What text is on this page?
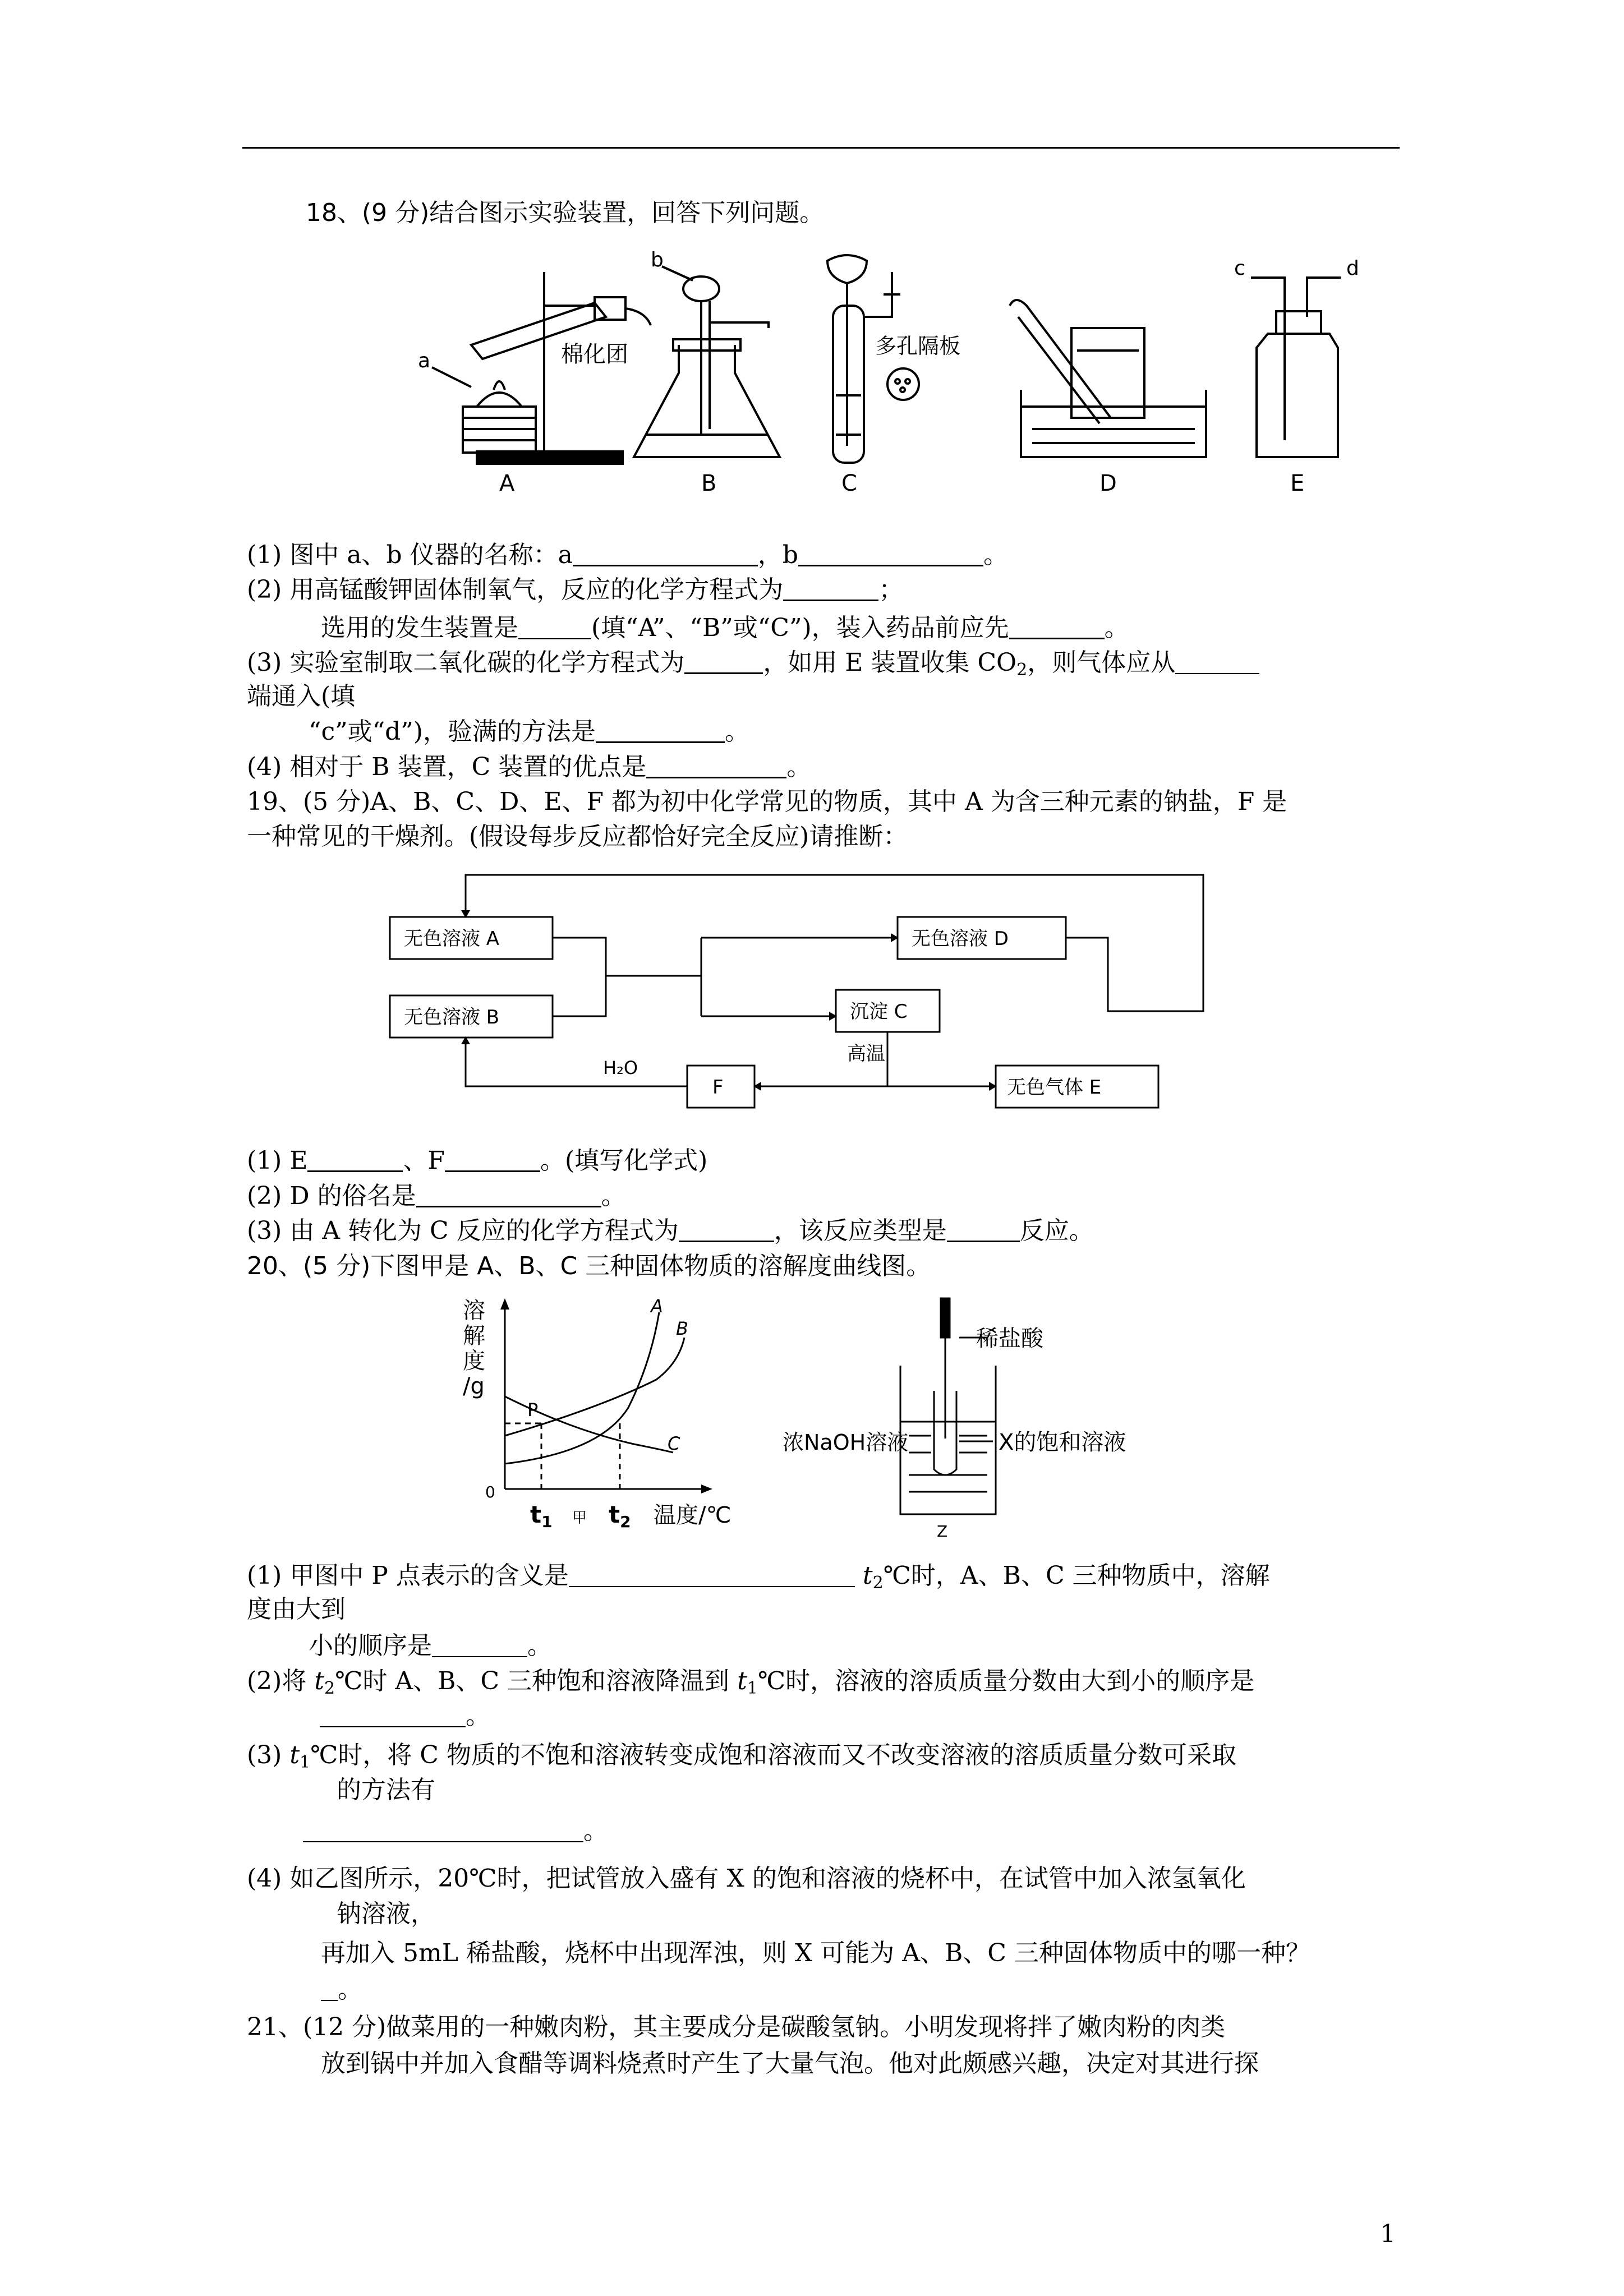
18、(9 分)结合图示实验装置，回答下列问题。
a	棉化团
A
b
B
多孔隔板
C	D
c	d
E
(1) 图中 a、b 仪器的名称：a	，b	。
(2) 用高锰酸钾固体制氧气，反应的化学方程式为	；
选用的发生装置是	(填“A”、“B”或“C”)，装入药品前应先	。
(3) 实验室制取二氧化碳的化学方程式为	，如用 E 装置收集 $CO_2$，则气体应从
端通入(填
“c”或“d”)，验满的方法是	。
(4) 相对于 B 装置，C 装置的优点是	。
19、(5 分)A、B、C、D、E、F 都为初中化学常见的物质，其中 A 为含三种元素的钠盐，F 是
一种常见的干燥剂。(假设每步反应都恰好完全反应)请推断：
无色溶液 A
无色溶液 B
无色溶液 D
沉淀 C
F	无色气体 E
H₂O
高温
(1) E	、F	。(填写化学式)
(2) D 的俗名是	。
(3) 由 A 转化为 C 反应的化学方程式为	，该反应类型是	反应。
20、(5 分)下图甲是 A、B、C 三种固体物质的溶解度曲线图。
溶
解
度
/g
P
A
B
C
0
t1 甲 t2 温度/℃
稀盐酸
浓NaOH溶液	X的饱和溶液
Z
(1) 甲图中 P 点表示的含义是	$t_2℃$时，A、B、C 三种物质中，溶解
度由大到
小的顺序是	。
(2)将 $t_2℃$时 A、B、C 三种饱和溶液降温到 $t_1℃$时，溶液的溶质质量分数由大到小的顺序是
。
(3) $t_1℃$时，将 C 物质的不饱和溶液转变成饱和溶液而又不改变溶液的溶质质量分数可采取
的方法有
。
(4) 如乙图所示，20℃时，把试管放入盛有 X 的饱和溶液的烧杯中，在试管中加入浓氢氧化
钠溶液，
再加入 5mL 稀盐酸，烧杯中出现浑浊，则 X 可能为 A、B、C 三种固体物质中的哪一种？
。
21、(12 分)做菜用的一种嫩肉粉，其主要成分是碳酸氢钠。小明发现将拌了嫩肉粉的肉类
放到锅中并加入食醋等调料烧煮时产生了大量气泡。他对此颇感兴趣，决定对其进行探
1
